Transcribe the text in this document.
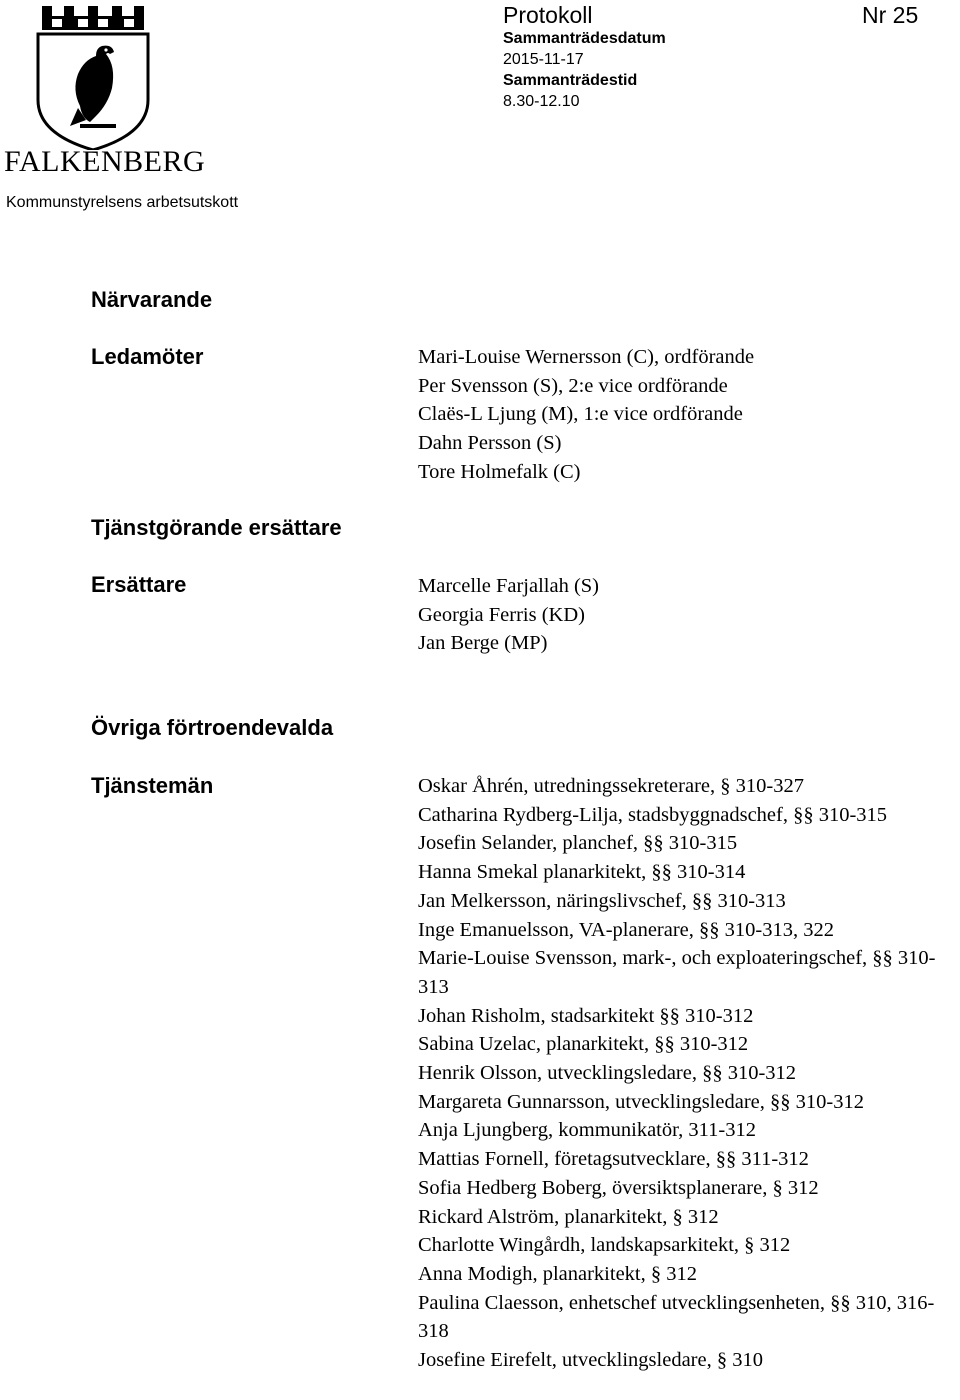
FALKENBERG
Kommunstyrelsens arbetsutskott
Protokoll
Sammanträdesdatum
2015-11-17
Sammanträdestid
8.30-12.10
Nr 25
Närvarande
Ledamöter	Mari-Louise Wernersson (C), ordförande
Per Svensson (S), 2:e vice ordförande
Claës-L Ljung (M), 1:e vice ordförande
Dahn Persson (S)
Tore Holmefalk (C)
Tjänstgörande ersättare
Ersättare	Marcelle Farjallah (S)
Georgia Ferris (KD)
Jan Berge (MP)
Övriga förtroendevalda
Tjänstemän	Oskar Åhrén, utredningssekreterare, § 310-327
Catharina Rydberg-Lilja, stadsbyggnadschef, §§ 310-315
Josefin Selander, planchef, §§ 310-315
Hanna Smekal planarkitekt, §§ 310-314
Jan Melkersson, näringslivschef, §§ 310-313
Inge Emanuelsson, VA-planerare, §§ 310-313, 322
Marie-Louise Svensson, mark-, och exploateringschef, §§ 310-313
Johan Risholm, stadsarkitekt §§ 310-312
Sabina Uzelac, planarkitekt, §§ 310-312
Henrik Olsson, utvecklingsledare, §§ 310-312
Margareta Gunnarsson, utvecklingsledare, §§ 310-312
Anja Ljungberg, kommunikatör, 311-312
Mattias Fornell, företagsutvecklare, §§ 311-312
Sofia Hedberg Boberg, översiktsplanerare, § 312
Rickard Alström, planarkitekt, § 312
Charlotte Wingårdh, landskapsarkitekt, § 312
Anna Modigh, planarkitekt, § 312
Paulina Claesson, enhetschef utvecklingsenheten, §§ 310, 316-318
Josefine Eirefelt, utvecklingsledare, § 310
